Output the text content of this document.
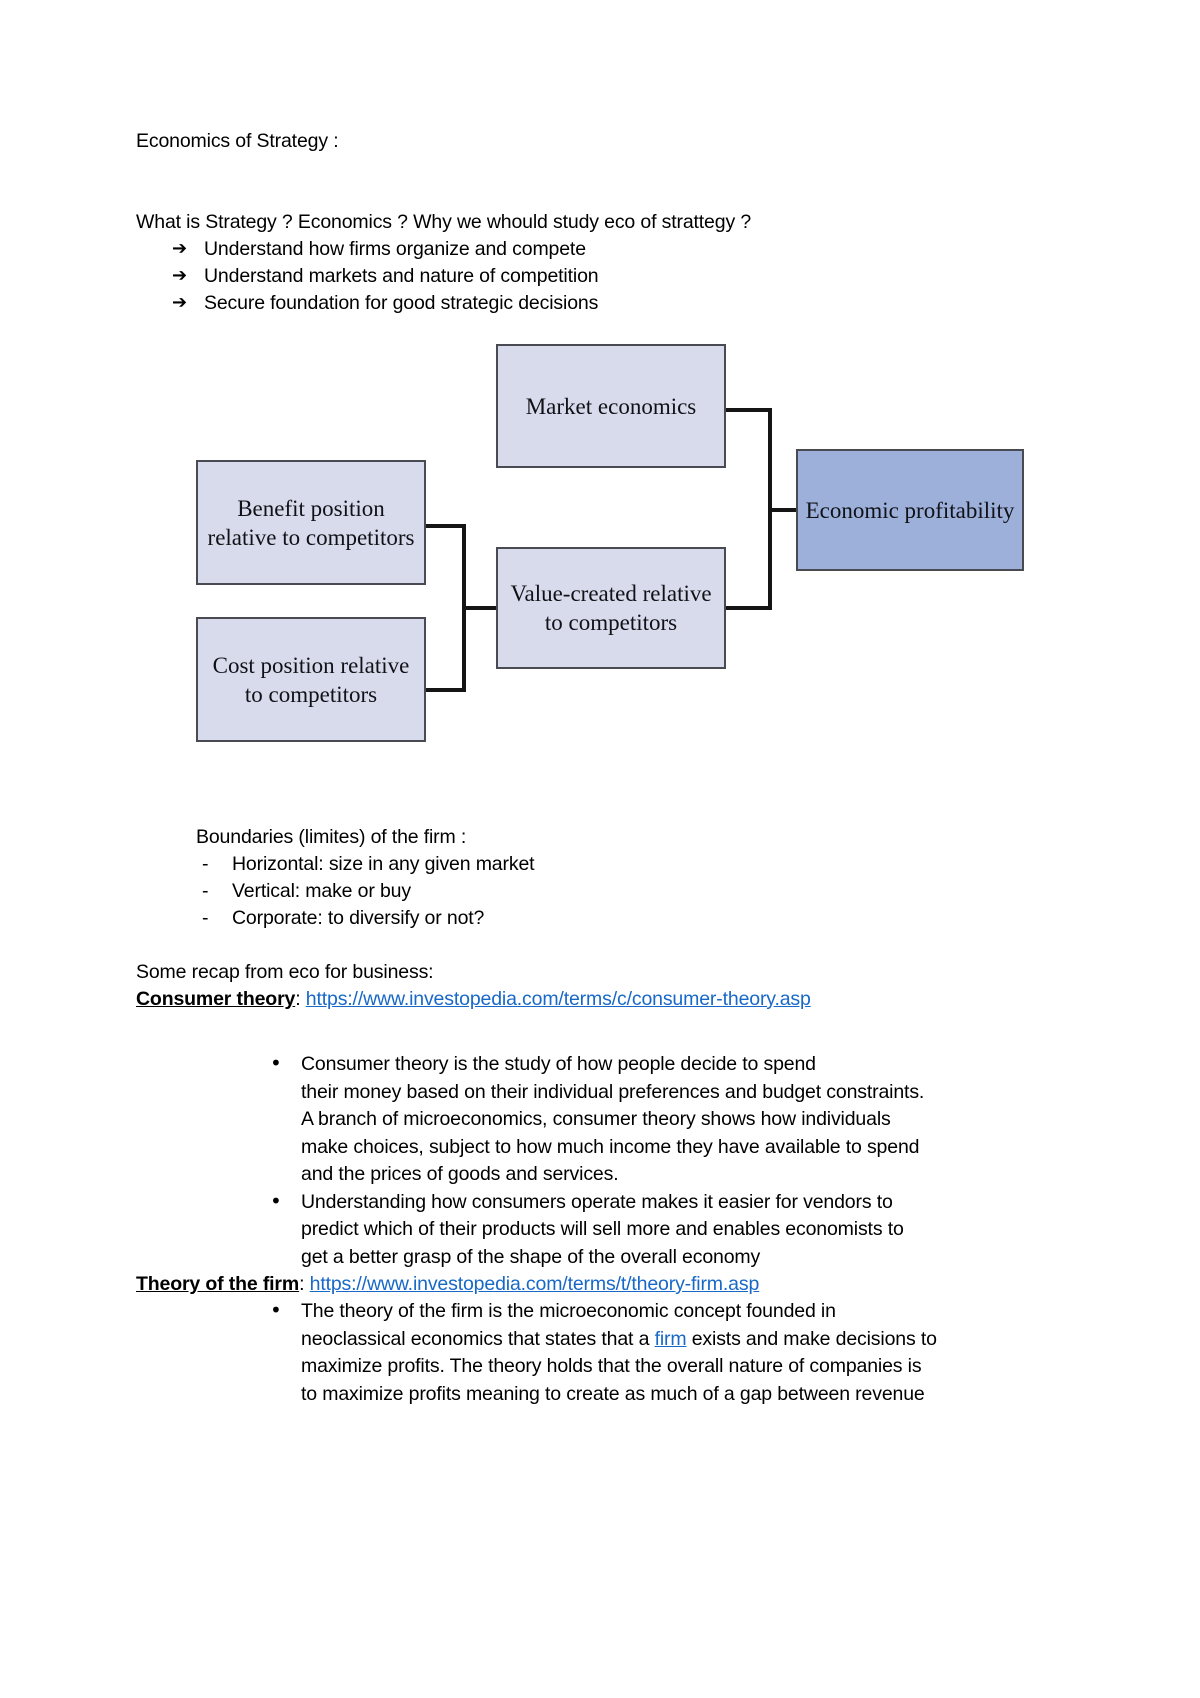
Economics of Strategy :
What is Strategy ? Economics ? Why we whould study eco of strattegy ?
➔ Understand how firms organize and compete
➔ Understand markets and nature of competition
➔ Secure foundation for good strategic decisions
Market economics
Benefit position relative to competitors
Value-created relative to competitors
Cost position relative to competitors
Economic profitability
Boundaries (limites) of the firm :
- Horizontal: size in any given market
- Vertical: make or buy
- Corporate: to diversify or not?
Some recap from eco for business:
Consumer theory: https://www.investopedia.com/terms/c/consumer-theory.asp
• Consumer theory is the study of how people decide to spend
their money based on their individual preferences and budget constraints.
A branch of microeconomics, consumer theory shows how individuals
make choices, subject to how much income they have available to spend
and the prices of goods and services.
• Understanding how consumers operate makes it easier for vendors to
predict which of their products will sell more and enables economists to
get a better grasp of the shape of the overall economy
Theory of the firm: https://www.investopedia.com/terms/t/theory-firm.asp
• The theory of the firm is the microeconomic concept founded in
neoclassical economics that states that a firm exists and make decisions to
maximize profits. The theory holds that the overall nature of companies is
to maximize profits meaning to create as much of a gap between revenue
